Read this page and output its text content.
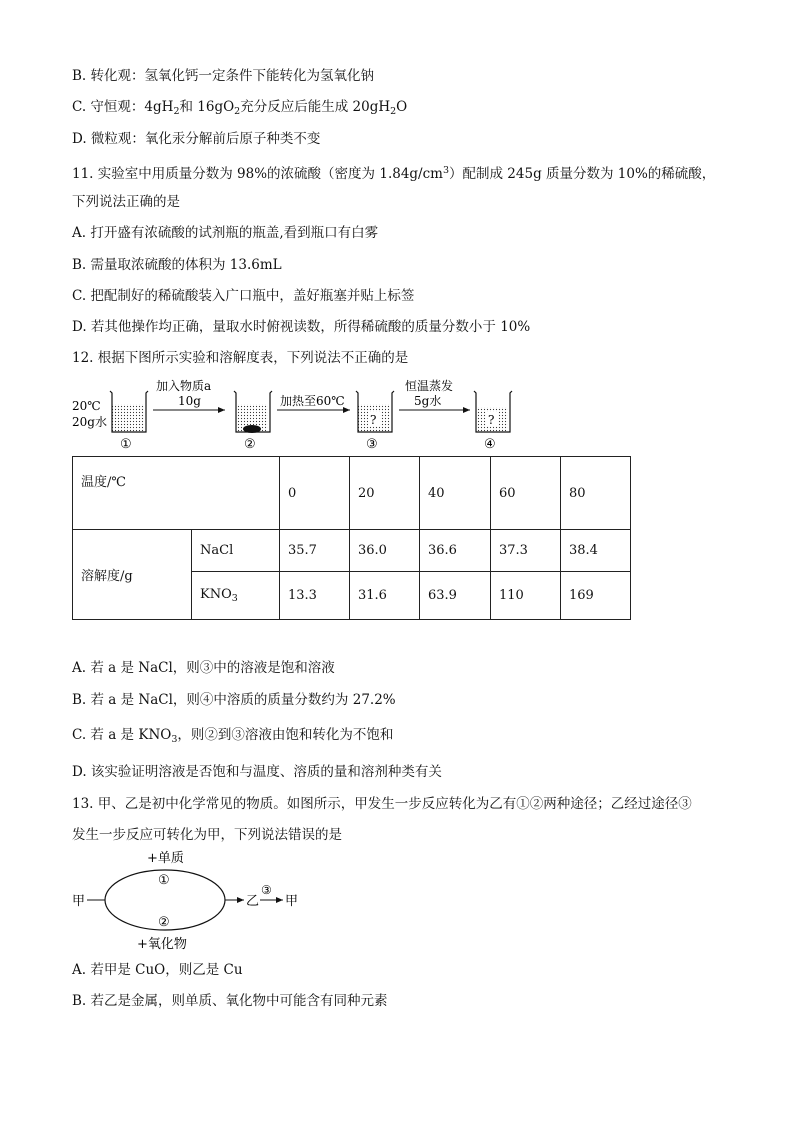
B. 转化观：氢氧化钙一定条件下能转化为氢氧化钠
C. 守恒观：$4gH_2$和 $16gO_2$充分反应后能生成 $20gH_2O$
D. 微粒观：氧化汞分解前后原子种类不变
11. 实验室中用质量分数为 98%的浓硫酸（密度为 $1.84g/cm^3$）配制成 245g 质量分数为 10%的稀硫酸，
下列说法正确的是
A. 打开盛有浓硫酸的试剂瓶的瓶盖,看到瓶口有白雾
B. 需量取浓硫酸的体积为 13.6mL
C. 把配制好的稀硫酸装入广口瓶中，盖好瓶塞并贴上标签
D. 若其他操作均正确，量取水时俯视读数，所得稀硫酸的质量分数小于 10%
12. 根据下图所示实验和溶解度表，下列说法不正确的是
20℃
20g水
①
加入物质a
10g
②
加热至60℃
?
③
恒温蒸发
5g水
?
④
温度/℃		0	20	40	60	80
溶解度/g	NaCl	35.7	36.0	36.6	37.3	38.4
	$KNO_3$	13.3	31.6	63.9	110	169
A. 若 a 是 NaCl，则③中的溶液是饱和溶液
B. 若 a 是 NaCl，则④中溶质的质量分数约为 27.2%
C. 若 a 是 $KNO_3$，则②到③溶液由饱和转化为不饱和
D. 该实验证明溶液是否饱和与温度、溶质的量和溶剂种类有关
13. 甲、乙是初中化学常见的物质。如图所示，甲发生一步反应转化为乙有①②两种途径；乙经过途径③
发生一步反应可转化为甲，下列说法错误的是
+单质
①
甲
②
乙
③
甲
+氧化物
A. 若甲是 CuO，则乙是 Cu
B. 若乙是金属，则单质、氧化物中可能含有同种元素
